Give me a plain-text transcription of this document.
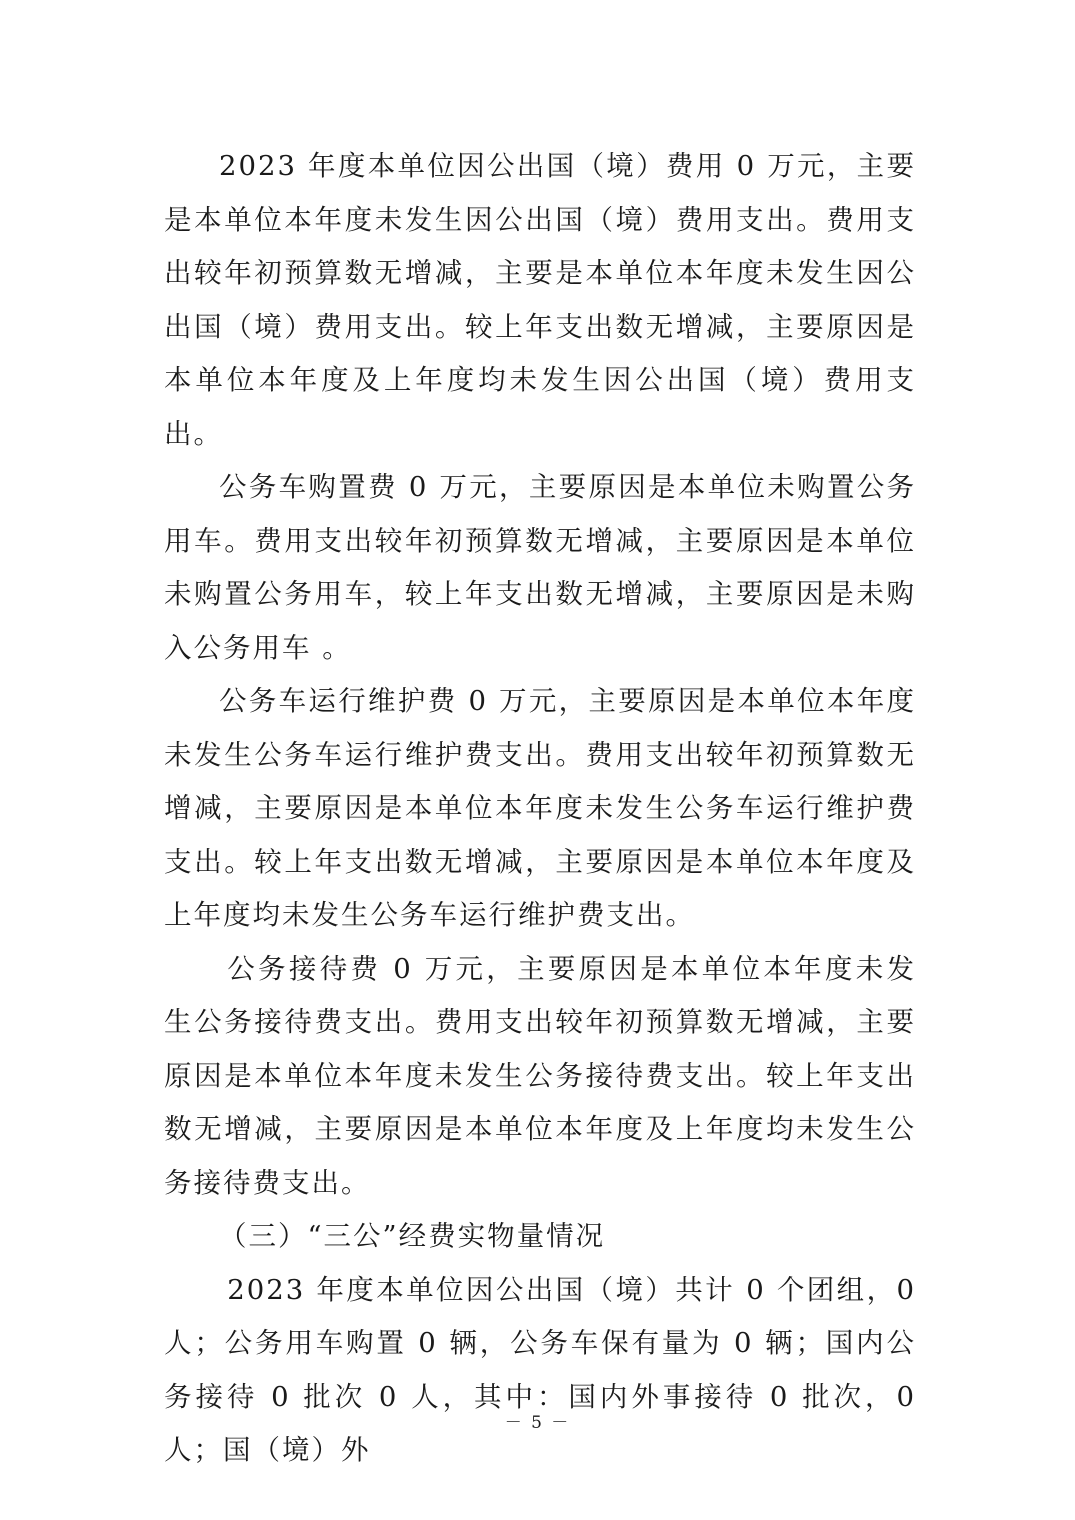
2023 年度本单位因公出国（境）费用 0 万元，主要是本单位本年度未发生因公出国（境）费用支出。费用支出较年初预算数无增减，主要是本单位本年度未发生因公出国（境）费用支出。较上年支出数无增减，主要原因是本单位本年度及上年度均未发生因公出国（境）费用支出。

公务车购置费 0 万元，主要原因是本单位未购置公务用车。费用支出较年初预算数无增减，主要原因是本单位未购置公务用车，较上年支出数无增减，主要原因是未购入公务用车 。

公务车运行维护费 0 万元，主要原因是本单位本年度未发生公务车运行维护费支出。费用支出较年初预算数无增减，主要原因是本单位本年度未发生公务车运行维护费支出。较上年支出数无增减，主要原因是本单位本年度及上年度均未发生公务车运行维护费支出。

公务接待费 0 万元，主要原因是本单位本年度未发生公务接待费支出。费用支出较年初预算数无增减，主要原因是本单位本年度未发生公务接待费支出。较上年支出数无增减，主要原因是本单位本年度及上年度均未发生公务接待费支出。

（三）“三公”经费实物量情况

2023 年度本单位因公出国（境）共计 0 个团组，0 人；公务用车购置 0 辆，公务车保有量为 0 辆；国内公务接待 0 批次 0 人，其中：国内外事接待 0 批次，0 人；国（境）外

－ 5 －
